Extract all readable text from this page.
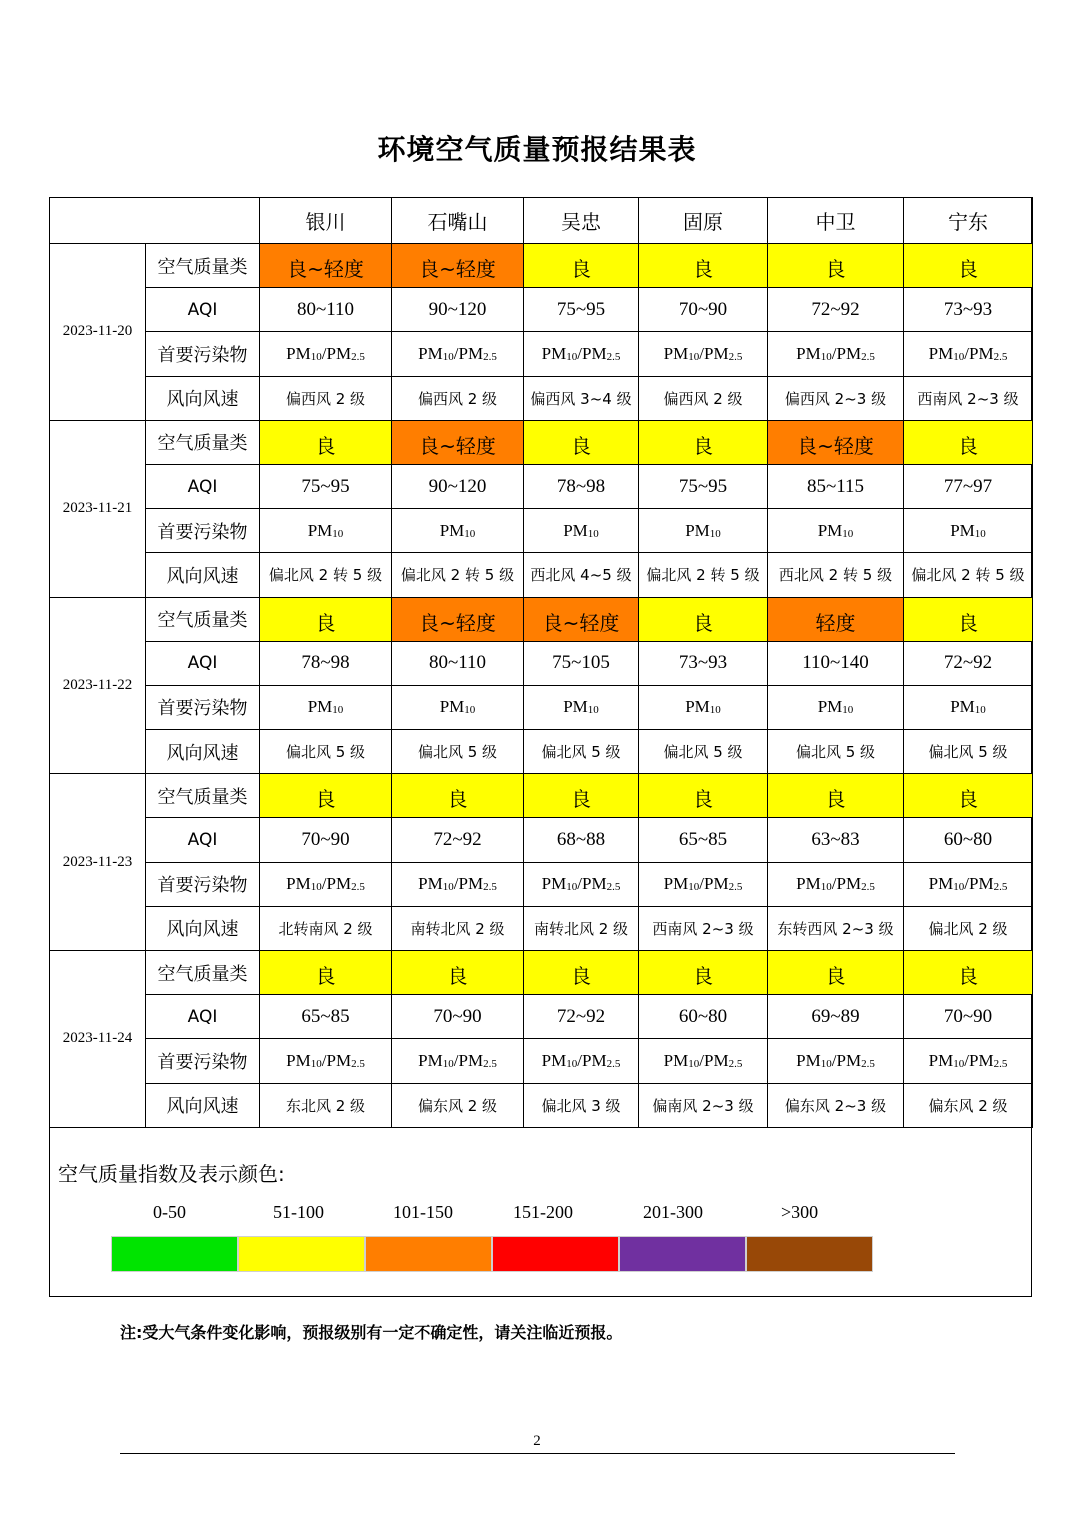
环境空气质量预报结果表
		银川	石嘴山	吴忠	固原	中卫	宁东
2023-11-20	空气质量类	良~轻度	良~轻度	良	良	良	良
	AQI	80~110	90~120	75~95	70~90	72~92	73~93
	首要污染物	$PM_{10}/PM_{2.5}$	$PM_{10}/PM_{2.5}$	$PM_{10}/PM_{2.5}$	$PM_{10}/PM_{2.5}$	$PM_{10}/PM_{2.5}$	$PM_{10}/PM_{2.5}$
	风向风速	偏西风 2 级	偏西风 2 级	偏西风 3~4 级	偏西风 2 级	偏西风 2~3 级	西南风 2~3 级
2023-11-21	空气质量类	良	良~轻度	良	良	良~轻度	良
	AQI	75~95	90~120	78~98	75~95	85~115	77~97
	首要污染物	$PM_{10}$	$PM_{10}$	$PM_{10}$	$PM_{10}$	$PM_{10}$	$PM_{10}$
	风向风速	偏北风 2 转 5 级	偏北风 2 转 5 级	西北风 4~5 级	偏北风 2 转 5 级	西北风 2 转 5 级	偏北风 2 转 5 级
2023-11-22	空气质量类	良	良~轻度	良~轻度	良	轻度	良
	AQI	78~98	80~110	75~105	73~93	110~140	72~92
	首要污染物	$PM_{10}$	$PM_{10}$	$PM_{10}$	$PM_{10}$	$PM_{10}$	$PM_{10}$
	风向风速	偏北风 5 级	偏北风 5 级	偏北风 5 级	偏北风 5 级	偏北风 5 级	偏北风 5 级
2023-11-23	空气质量类	良	良	良	良	良	良
	AQI	70~90	72~92	68~88	65~85	63~83	60~80
	首要污染物	$PM_{10}/PM_{2.5}$	$PM_{10}/PM_{2.5}$	$PM_{10}/PM_{2.5}$	$PM_{10}/PM_{2.5}$	$PM_{10}/PM_{2.5}$	$PM_{10}/PM_{2.5}$
	风向风速	北转南风 2 级	南转北风 2 级	南转北风 2 级	西南风 2~3 级	东转西风 2~3 级	偏北风 2 级
2023-11-24	空气质量类	良	良	良	良	良	良
	AQI	65~85	70~90	72~92	60~80	69~89	70~90
	首要污染物	$PM_{10}/PM_{2.5}$	$PM_{10}/PM_{2.5}$	$PM_{10}/PM_{2.5}$	$PM_{10}/PM_{2.5}$	$PM_{10}/PM_{2.5}$	$PM_{10}/PM_{2.5}$
	风向风速	东北风 2 级	偏东风 2 级	偏北风 3 级	偏南风 2~3 级	偏东风 2~3 级	偏东风 2 级
空气质量指数及表示颜色:
0-50	51-100	101-150	151-200	201-300	>300
注:受大气条件变化影响，预报级别有一定不确定性，请关注临近预报。
2
